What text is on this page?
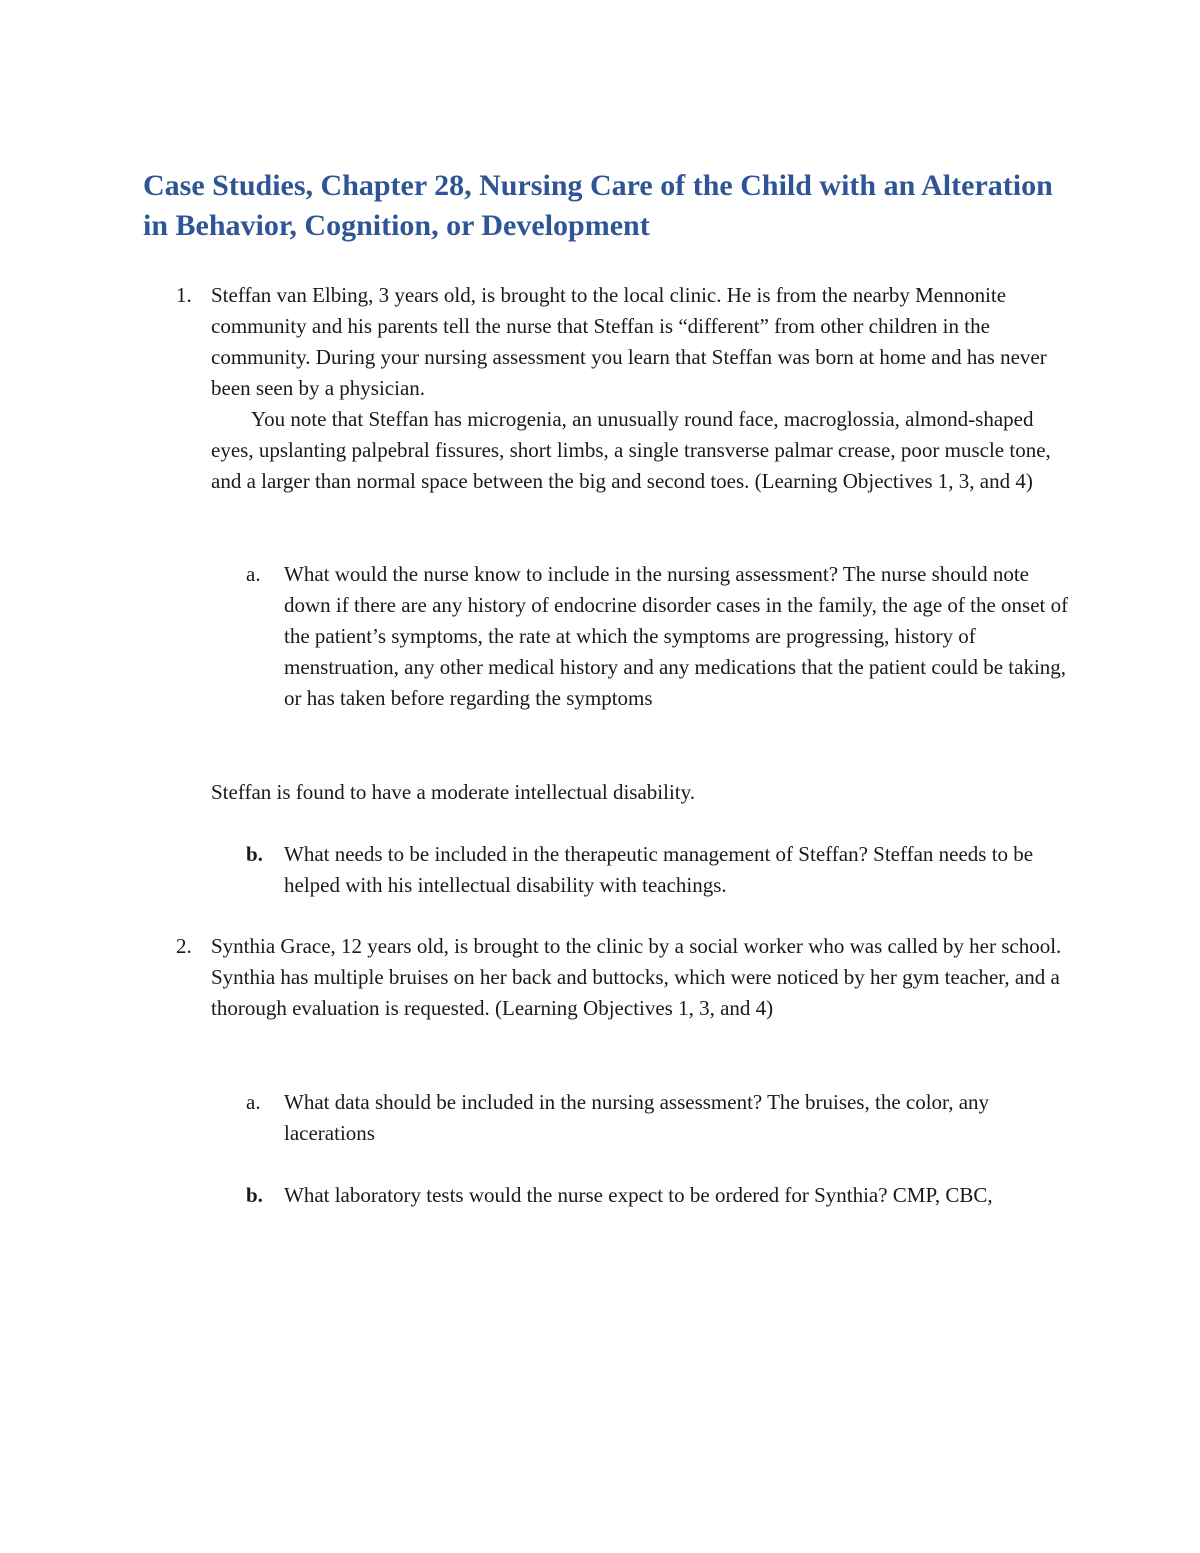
Case Studies, Chapter 28, Nursing Care of the Child with an Alteration in Behavior, Cognition, or Development
1. Steffan van Elbing, 3 years old, is brought to the local clinic. He is from the nearby Mennonite community and his parents tell the nurse that Steffan is “different” from other children in the community. During your nursing assessment you learn that Steffan was born at home and has never been seen by a physician.

You note that Steffan has microgenia, an unusually round face, macroglossia, almond-shaped eyes, upslanting palpebral fissures, short limbs, a single transverse palmar crease, poor muscle tone, and a larger than normal space between the big and second toes. (Learning Objectives 1, 3, and 4)

a. What would the nurse know to include in the nursing assessment? The nurse should note down if there are any history of endocrine disorder cases in the family, the age of the onset of the patient’s symptoms, the rate at which the symptoms are progressing, history of menstruation, any other medical history and any medications that the patient could be taking, or has taken before regarding the symptoms

Steffan is found to have a moderate intellectual disability.

b. What needs to be included in the therapeutic management of Steffan? Steffan needs to be helped with his intellectual disability with teachings.

2. Synthia Grace, 12 years old, is brought to the clinic by a social worker who was called by her school. Synthia has multiple bruises on her back and buttocks, which were noticed by her gym teacher, and a thorough evaluation is requested. (Learning Objectives 1, 3, and 4)

a. What data should be included in the nursing assessment? The bruises, the color, any lacerations

b. What laboratory tests would the nurse expect to be ordered for Synthia? CMP, CBC,
